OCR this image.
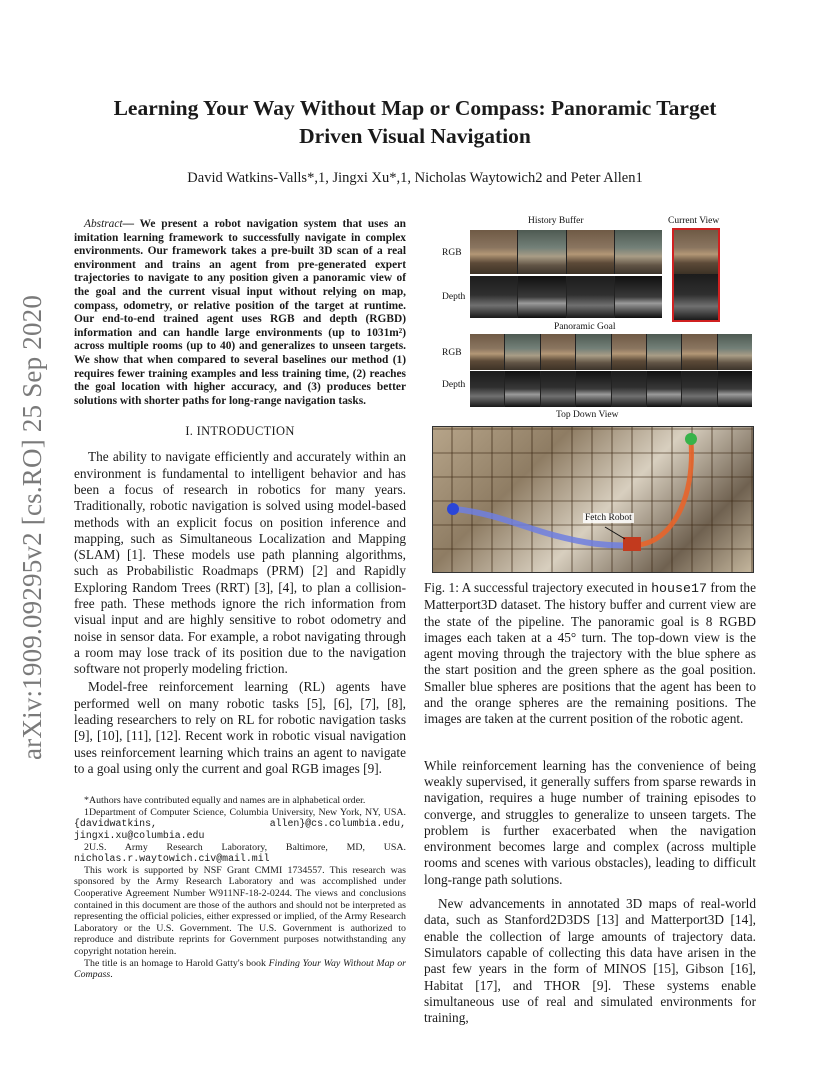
arXiv:1909.09295v2 [cs.RO] 25 Sep 2020
Learning Your Way Without Map or Compass: Panoramic Target Driven Visual Navigation
David Watkins-Valls*,1, Jingxi Xu*,1, Nicholas Waytowich2 and Peter Allen1

Abstract— We present a robot navigation system that uses an imitation learning framework to successfully navigate in complex environments. Our framework takes a pre-built 3D scan of a real environment and trains an agent from pre-generated expert trajectories to navigate to any position given a panoramic view of the goal and the current visual input without relying on map, compass, odometry, or relative position of the target at runtime. Our end-to-end trained agent uses RGB and depth (RGBD) information and can handle large environments (up to 1031m²) across multiple rooms (up to 40) and generalizes to unseen targets. We show that when compared to several baselines our method (1) requires fewer training examples and less training time, (2) reaches the goal location with higher accuracy, and (3) produces better solutions with shorter paths for long-range navigation tasks.

I. INTRODUCTION

The ability to navigate efficiently and accurately within an environment is fundamental to intelligent behavior and has been a focus of research in robotics for many years. Traditionally, robotic navigation is solved using model-based methods with an explicit focus on position inference and mapping, such as Simultaneous Localization and Mapping (SLAM) [1]. These models use path planning algorithms, such as Probabilistic Roadmaps (PRM) [2] and Rapidly Exploring Random Trees (RRT) [3], [4], to plan a collision-free path. These methods ignore the rich information from visual input and are highly sensitive to robot odometry and noise in sensor data. For example, a robot navigating through a room may lose track of its position due to the navigation software not properly modeling friction.

Model-free reinforcement learning (RL) agents have performed well on many robotic tasks [5], [6], [7], [8], leading researchers to rely on RL for robotic navigation tasks [9], [10], [11], [12]. Recent work in robotic visual navigation uses reinforcement learning which trains an agent to navigate to a goal using only the current and goal RGB images [9].

*Authors have contributed equally and names are in alphabetical order.

1Department of Computer Science, Columbia University, New York, NY, USA. {davidwatkins, allen}@cs.columbia.edu, jingxi.xu@columbia.edu

2U.S. Army Research Laboratory, Baltimore, MD, USA. nicholas.r.waytowich.civ@mail.mil

This work is supported by NSF Grant CMMI 1734557. This research was sponsored by the Army Research Laboratory and was accomplished under Cooperative Agreement Number W911NF-18-2-0244. The views and conclusions contained in this document are those of the authors and should not be interpreted as representing the official policies, either expressed or implied, of the Army Research Laboratory or the U.S. Government. The U.S. Government is authorized to reproduce and distribute reprints for Government purposes notwithstanding any copyright notation herein.

The title is an homage to Harold Gatty's book Finding Your Way Without Map or Compass.

History Buffer	Current View
RGB
Depth
Panoramic Goal
RGB
Depth
Top Down View
Fetch Robot

Fig. 1: A successful trajectory executed in house17 from the Matterport3D dataset. The history buffer and current view are the state of the pipeline. The panoramic goal is 8 RGBD images each taken at a 45° turn. The top-down view is the agent moving through the trajectory with the blue sphere as the start position and the green sphere as the goal position. Smaller blue spheres are positions that the agent has been to and the orange spheres are the remaining positions. The images are taken at the current position of the robotic agent.

While reinforcement learning has the convenience of being weakly supervised, it generally suffers from sparse rewards in navigation, requires a huge number of training episodes to converge, and struggles to generalize to unseen targets. The problem is further exacerbated when the navigation environment becomes large and complex (across multiple rooms and scenes with various obstacles), leading to difficult long-range path solutions.

New advancements in annotated 3D maps of real-world data, such as Stanford2D3DS [13] and Matterport3D [14], enable the collection of large amounts of trajectory data. Simulators capable of collecting this data have arisen in the past few years in the form of MINOS [15], Gibson [16], Habitat [17], and THOR [9]. These systems enable simultaneous use of real and simulated environments for training,
